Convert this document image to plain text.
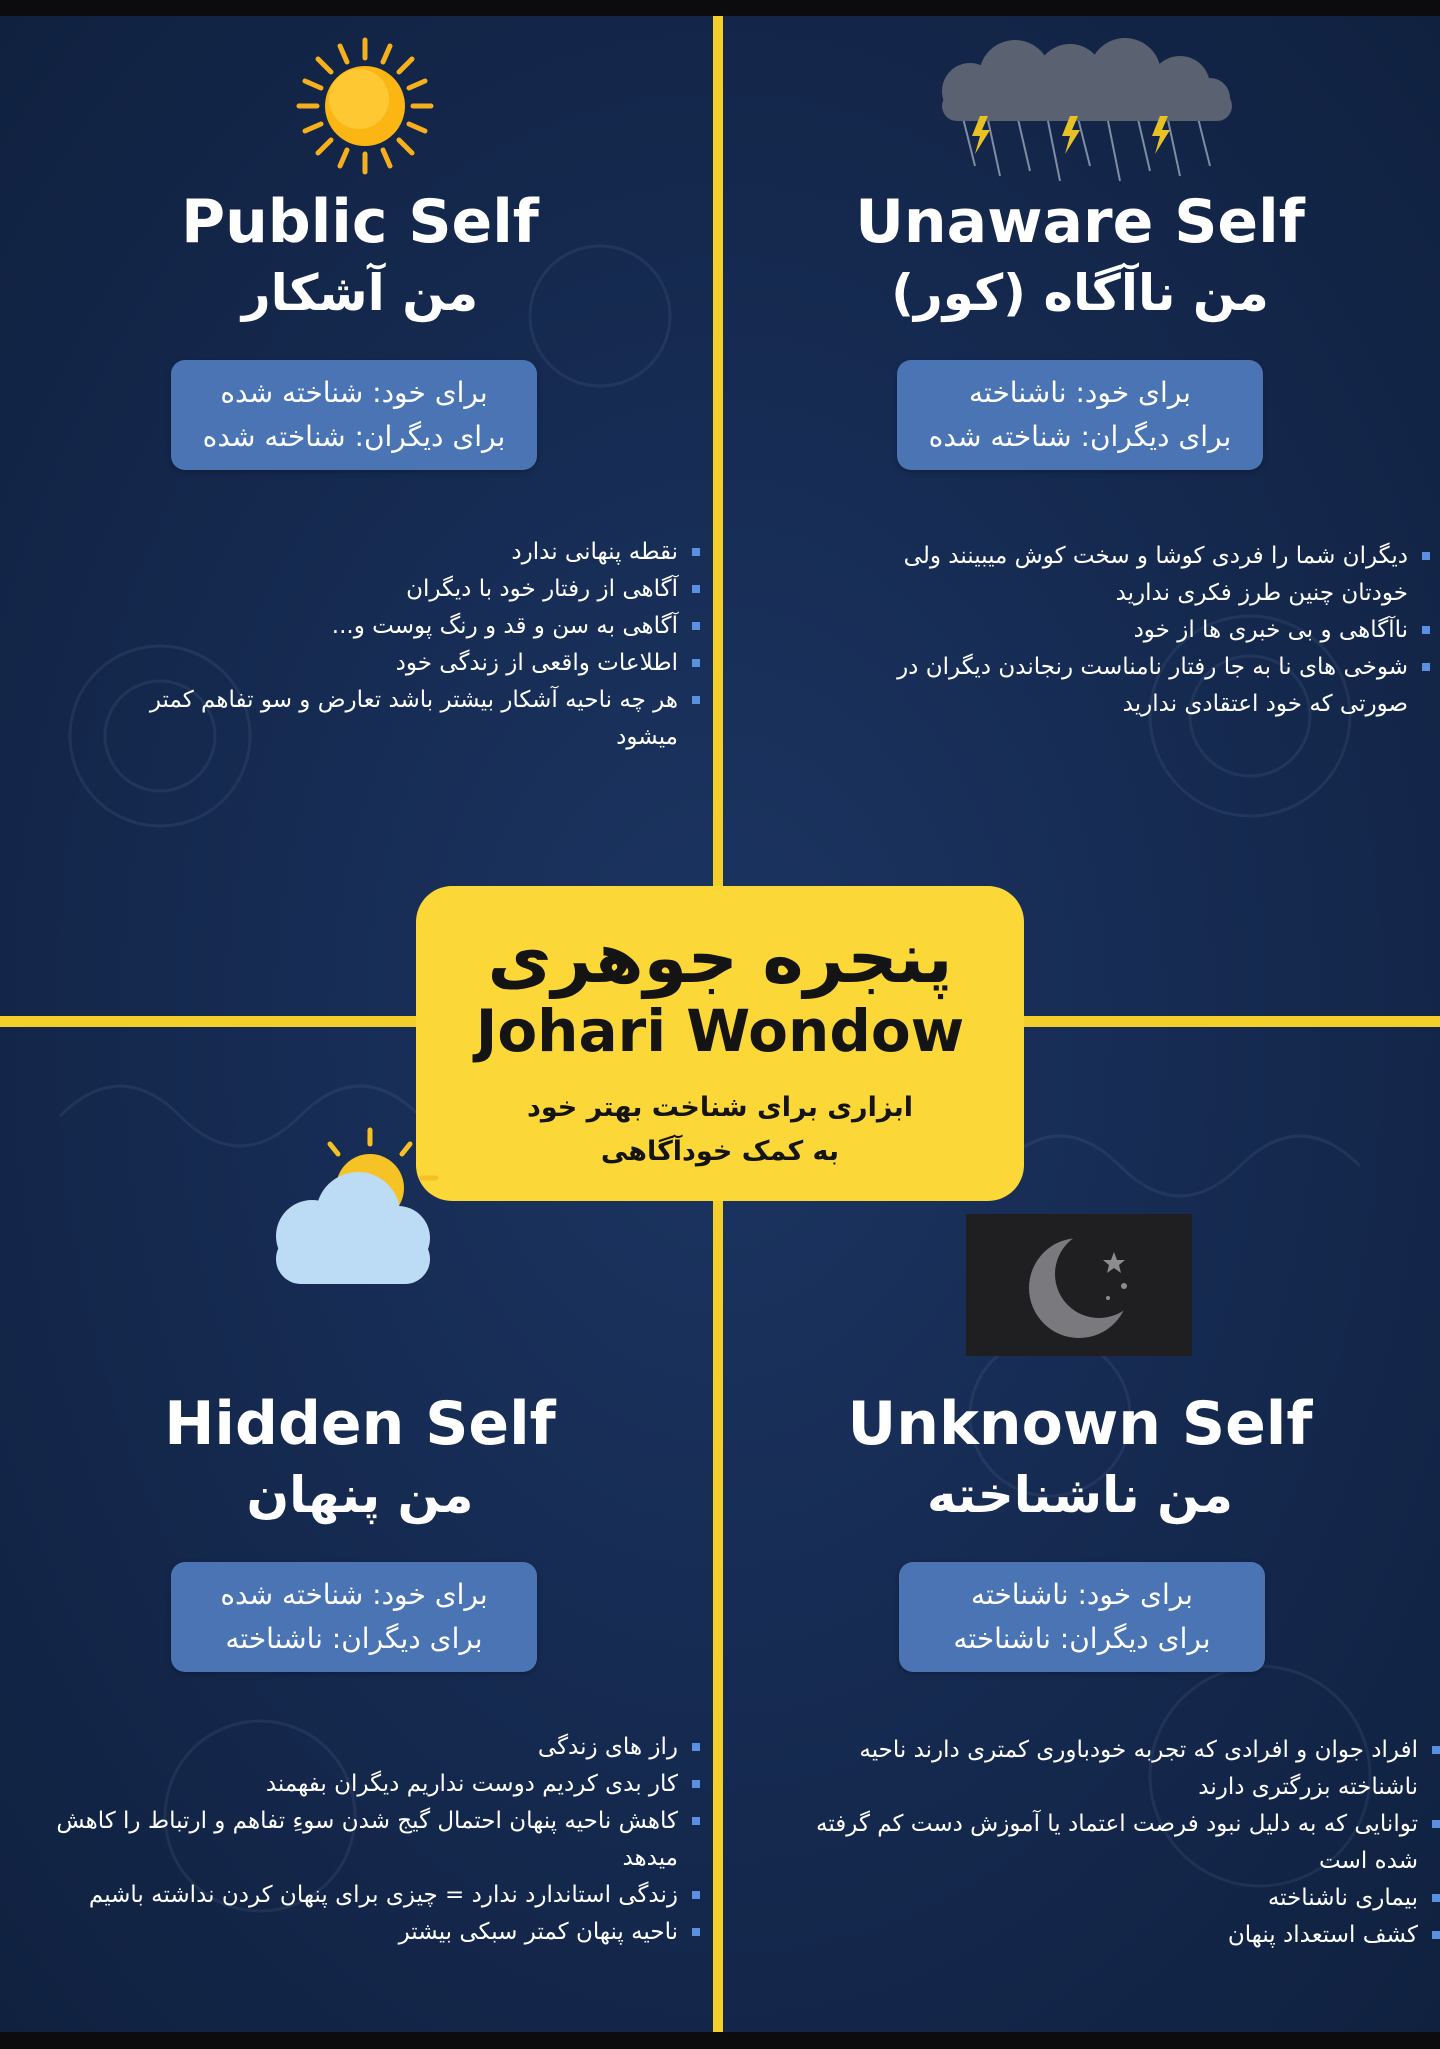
Public Self
من آشکار
برای خود: شناخته شده
برای دیگران: شناخته شده
نقطه پنهانی ندارد
آگاهی از رفتار خود با دیگران
آگاهی به سن و قد و رنگ پوست و...
اطلاعات واقعی از زندگی خود
هر چه ناحیه آشکار بیشتر باشد تعارض و سو تفاهم کمتر میشود
Unaware Self
من ناآگاه (کور)
برای خود: ناشناخته
برای دیگران: شناخته شده
دیگران شما را فردی کوشا و سخت کوش میبینند ولی خودتان چنین طرز فکری ندارید
ناآگاهی و بی خبری ها از خود
شوخی های نا به جا رفتار نامناست رنجاندن دیگران در صورتی که خود اعتقادی ندارید
پنجره جوهری
Johari Wondow
ابزاری برای شناخت بهتر خود
به کمک خودآگاهی
Hidden Self
من پنهان
برای خود: شناخته شده
برای دیگران: ناشناخته
راز های زندگی
کار بدی کردیم دوست نداریم دیگران بفهمند
کاهش ناحیه پنهان احتمال گیج شدن سوءِ تفاهم و ارتباط را کاهش میدهد
زندگی استاندارد ندارد = چیزی برای پنهان کردن نداشته باشیم
ناحیه پنهان کمتر سبکی بیشتر
Unknown Self
من ناشناخته
برای خود: ناشناخته
برای دیگران: ناشناخته
افراد جوان و افرادی که تجربه خودباوری کمتری دارند ناحیه ناشناخته بزرگتری دارند
توانایی که به دلیل نبود فرصت اعتماد یا آموزش دست کم گرفته شده است
بیماری ناشناخته
کشف استعداد پنهان
